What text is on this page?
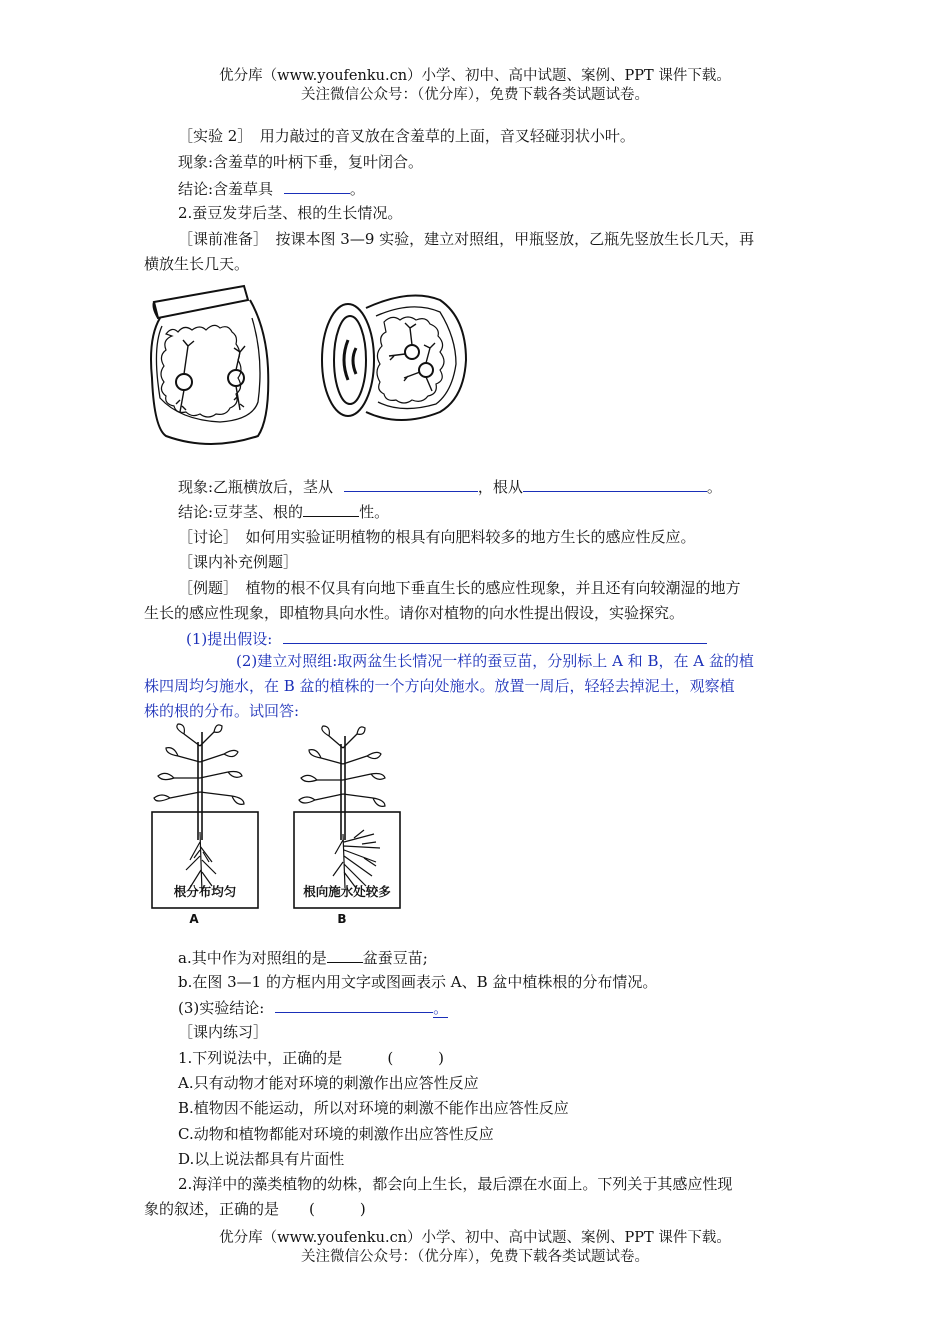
优分库（www.youfenku.cn）小学、初中、高中试题、案例、PPT 课件下载。
关注微信公众号：（优分库），免费下载各类试题试卷。
［实验 2］　用力敲过的音叉放在含羞草的上面，音叉轻碰羽状小叶。
现象:含羞草的叶柄下垂，复叶闭合。
结论:含羞草具	。
2.蚕豆发芽后茎、根的生长情况。
［课前准备］　按课本图 3—9 实验，建立对照组，甲瓶竖放，乙瓶先竖放生长几天，再
横放生长几天。
现象:乙瓶横放后，茎从	，根从	。
结论:豆芽茎、根的	性。
［讨论］　如何用实验证明植物的根具有向肥料较多的地方生长的感应性反应。
［课内补充例题］
［例题］　植物的根不仅具有向地下垂直生长的感应性现象，并且还有向较潮湿的地方
生长的感应性现象，即植物具向水性。请你对植物的向水性提出假设，实验探究。
(1)提出假设:
(2)建立对照组:取两盆生长情况一样的蚕豆苗，分别标上 A 和 B，在 A 盆的植
株四周均匀施水，在 B 盆的植株的一个方向处施水。放置一周后，轻轻去掉泥土，观察植
株的根的分布。试回答:
根分布均匀	根向施水处较多
A	B
a.其中作为对照组的是 盆蚕豆苗;
b.在图 3—1 的方框内用文字或图画表示 A、B 盆中植株根的分布情况。
(3)实验结论:	。
［课内练习］
1.下列说法中，正确的是　　　(　　　)
A.只有动物才能对环境的刺激作出应答性反应
B.植物因不能运动，所以对环境的刺激不能作出应答性反应
C.动物和植物都能对环境的刺激作出应答性反应
D.以上说法都具有片面性
2.海洋中的藻类植物的幼株，都会向上生长，最后漂在水面上。下列关于其感应性现
象的叙述，正确的是　　(　　　)
优分库（www.youfenku.cn）小学、初中、高中试题、案例、PPT 课件下载。
关注微信公众号：（优分库），免费下载各类试题试卷。
